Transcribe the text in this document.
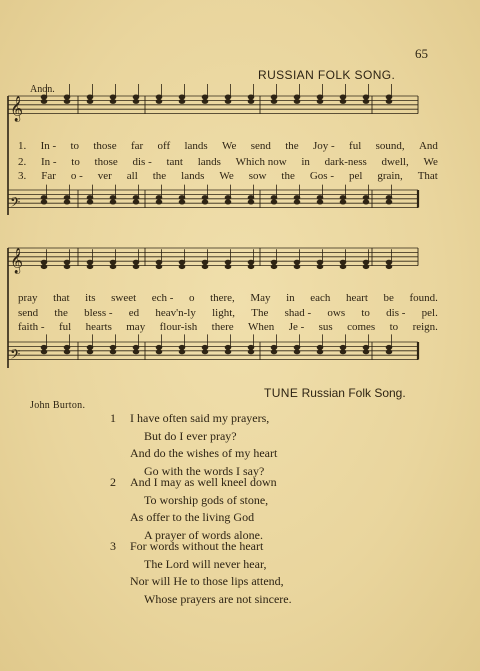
65
Anon.
RUSSIAN FOLK SONG.
𝄞
𝄢
𝄞
𝄢
1. In - to those far off lands We send the Joy - ful sound, And
2. In - to those dis - tant lands Which now in dark-ness dwell, We
3. Far o - ver all the lands We sow the Gos - pel grain, That
pray that its sweet ech - o there, May in each heart be found.
send the bless - ed heav'n-ly light, The shad - ows to dis - pel.
faith - ful hearts may flour-ish there When Je - sus comes to reign.
TUNE Russian Folk Song.
John Burton.
1	I have often said my prayers,
But do I ever pray?
And do the wishes of my heart
Go with the words I say?
2	And I may as well kneel down
To worship gods of stone,
As offer to the living God
A prayer of words alone.
3	For words without the heart
The Lord will never hear,
Nor will He to those lips attend,
Whose prayers are not sincere.
